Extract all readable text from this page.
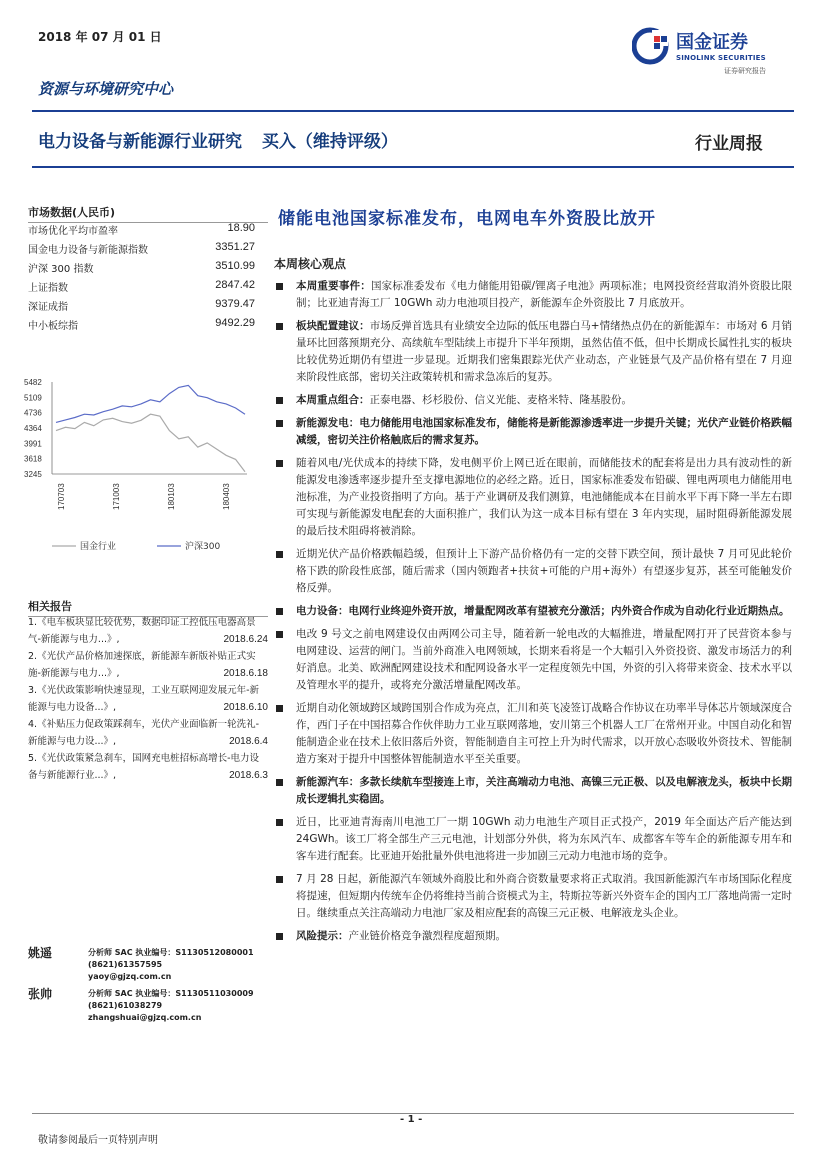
2018 年 07 月 01 日	国金证券
SINOLINK SECURITIES
证券研究报告
资源与环境研究中心
电力设备与新能源行业研究 买入（维持评级）	行业周报
市场数据(人民币)
市场优化平均市盈率	18.90
国金电力设备与新能源指数	3351.27
沪深 300 指数	3510.99
上证指数	2847.42
深证成指	9379.47
中小板综指	9492.29
5482
5109
4736
4364
3991
3618
3245
170703	171003	180103	180403
国金行业	沪深300
相关报告
1.《电车板块显比较优势，数据印证工控低压电器高景气-新能源与电力...》,	2018.6.24
2.《光伏产品价格加速探底，新能源车新版补贴正式实施-新能源与电力...》,	2018.6.18
3.《光伏政策影响快速显现，工业互联网迎发展元年-新能源与电力设备...》,	2018.6.10
4.《补贴压力促政策踩刹车，光伏产业面临新一轮洗礼-新能源与电力设...》,	2018.6.4
5.《光伏政策紧急刹车，国网充电桩招标高增长-电力设备与新能源行业...》,	2018.6.3
姚遥	分析师 SAC 执业编号：S1130512080001
(8621)61357595
yaoy@gjzq.com.cn
张帅	分析师 SAC 执业编号：S1130511030009
(8621)61038279
zhangshuai@gjzq.com.cn
储能电池国家标准发布，电网电车外资股比放开
本周核心观点
本周重要事件：国家标准委发布《电力储能用铅碳/锂离子电池》两项标准；电网投资经营取消外资股比限制；比亚迪青海工厂 10GWh 动力电池项目投产，新能源车企外资股比 7 月底放开。
板块配置建议：市场反弹首选具有业绩安全边际的低压电器白马+情绪热点仍在的新能源车：市场对 6 月销量环比回落预期充分、高续航车型陆续上市提升下半年预期，虽然估值不低，但中长期成长属性扎实的板块比较优势近期仍有望进一步显现。近期我们密集跟踪光伏产业动态，产业链景气及产品价格有望在 7 月迎来阶段性底部，密切关注政策转机和需求急冻后的复苏。
本周重点组合：正泰电器、杉杉股份、信义光能、麦格米特、隆基股份。
新能源发电：电力储能用电池国家标准发布，储能将是新能源渗透率进一步提升关键；光伏产业链价格跌幅减缓，密切关注价格触底后的需求复苏。
随着风电/光伏成本的持续下降，发电侧平价上网已近在眼前，而储能技术的配套将是出力具有波动性的新能源发电渗透率逐步提升至支撑电源地位的必经之路。近日，国家标准委发布铅碳、锂电两项电力储能用电池标准，为产业投资指明了方向。基于产业调研及我们测算，电池储能成本在目前水平下再下降一半左右即可实现与新能源发电配套的大面积推广，我们认为这一成本目标有望在 3 年内实现，届时阻碍新能源发展的最后技术阻碍将被消除。
近期光伏产品价格跌幅趋缓，但预计上下游产品价格仍有一定的交替下跌空间，预计最快 7 月可见此轮价格下跌的阶段性底部，随后需求（国内领跑者+扶贫+可能的户用+海外）有望逐步复苏，甚至可能触发价格反弹。
电力设备：电网行业终迎外资开放，增量配网改革有望被充分激活；内外资合作成为自动化行业近期热点。
电改 9 号文之前电网建设仅由两网公司主导，随着新一轮电改的大幅推进，增量配网打开了民营资本参与电网建设、运营的闸门。当前外商准入电网领域，长期来看将是一个大幅引入外资投资、激发市场活力的利好消息。北美、欧洲配网建设技术和配网设备水平一定程度领先中国，外资的引入将带来资金、技术水平以及管理水平的提升，或将充分激活增量配网改革。
近期自动化领域跨区域跨国别合作成为亮点，汇川和英飞凌签订战略合作协议在功率半导体芯片领域深度合作，西门子在中国招募合作伙伴助力工业互联网落地，安川第三个机器人工厂在常州开业。中国自动化和智能制造企业在技术上依旧落后外资，智能制造自主可控上升为时代需求，以开放心态吸收外资技术、智能制造方案对于提升中国整体智能制造水平至关重要。
新能源汽车：多款长续航车型接连上市，关注高端动力电池、高镍三元正极、以及电解液龙头，板块中长期成长逻辑扎实稳固。
近日，比亚迪青海南川电池工厂一期 10GWh 动力电池生产项目正式投产，2019 年全面达产后产能达到 24GWh。该工厂将全部生产三元电池，计划部分外供，将为东风汽车、成都客车等车企的新能源专用车和客车进行配套。比亚迪开始批量外供电池将进一步加剧三元动力电池市场的竞争。
7 月 28 日起，新能源汽车领域外商股比和外商合资数量要求将正式取消。我国新能源汽车市场国际化程度将提速，但短期内传统车企仍将维持当前合资模式为主，特斯拉等新兴外资车企的国内工厂落地尚需一定时日。继续重点关注高端动力电池厂家及相应配套的高镍三元正极、电解液龙头企业。
风险提示：产业链价格竞争激烈程度超预期。
- 1 -
敬请参阅最后一页特别声明
